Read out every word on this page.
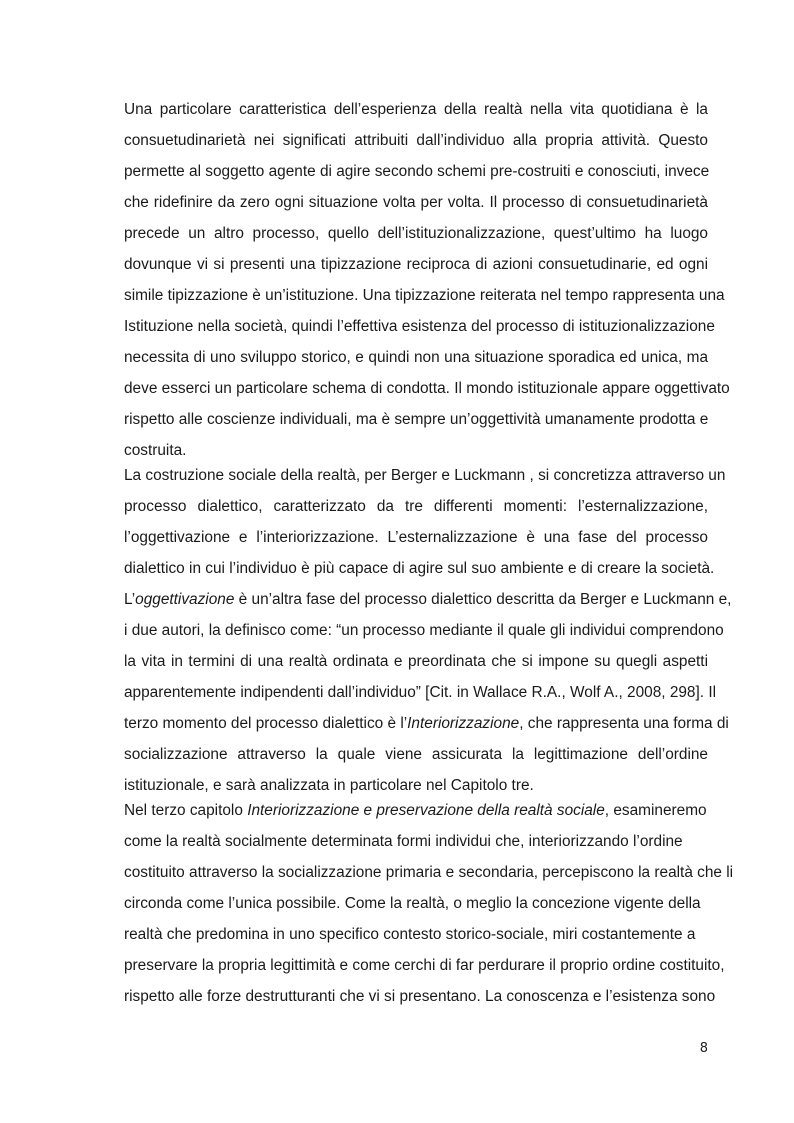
Una particolare caratteristica dell’esperienza della realtà nella vita quotidiana è la
consuetudinarietà nei significati attribuiti dall’individuo alla propria attività. Questo
permette al soggetto agente di agire secondo schemi pre-costruiti e conosciuti, invece
che ridefinire da zero ogni situazione volta per volta. Il processo di consuetudinarietà
precede un altro processo, quello dell’istituzionalizzazione, quest’ultimo ha luogo
dovunque vi si presenti una tipizzazione reciproca di azioni consuetudinarie, ed ogni
simile tipizzazione è un’istituzione. Una tipizzazione reiterata nel tempo rappresenta una
Istituzione nella società, quindi l’effettiva esistenza del processo di istituzionalizzazione
necessita di uno sviluppo storico, e quindi non una situazione sporadica ed unica, ma
deve esserci un particolare schema di condotta. Il mondo istituzionale appare oggettivato
rispetto alle coscienze individuali, ma è sempre un’oggettività umanamente prodotta e
costruita.

La costruzione sociale della realtà, per Berger e Luckmann , si concretizza attraverso un
processo dialettico, caratterizzato da tre differenti momenti: l’esternalizzazione,
l’oggettivazione e l’interiorizzazione. L’esternalizzazione è una fase del processo
dialettico in cui l’individuo è più capace di agire sul suo ambiente e di creare la società.
L’oggettivazione è un’altra fase del processo dialettico descritta da Berger e Luckmann e,
i due autori, la definisco come: “un processo mediante il quale gli individui comprendono
la vita in termini di una realtà ordinata e preordinata che si impone su quegli aspetti
apparentemente indipendenti dall’individuo” [Cit. in Wallace R.A., Wolf A., 2008, 298]. Il
terzo momento del processo dialettico è l’Interiorizzazione, che rappresenta una forma di
socializzazione attraverso la quale viene assicurata la legittimazione dell’ordine
istituzionale, e sarà analizzata in particolare nel Capitolo tre.

Nel terzo capitolo Interiorizzazione e preservazione della realtà sociale, esamineremo
come la realtà socialmente determinata formi individui che, interiorizzando l’ordine
costituito attraverso la socializzazione primaria e secondaria, percepiscono la realtà che li
circonda come l’unica possibile. Come la realtà, o meglio la concezione vigente della
realtà che predomina in uno specifico contesto storico-sociale, miri costantemente a
preservare la propria legittimità e come cerchi di far perdurare il proprio ordine costituito,
rispetto alle forze destrutturanti che vi si presentano. La conoscenza e l’esistenza sono

8
